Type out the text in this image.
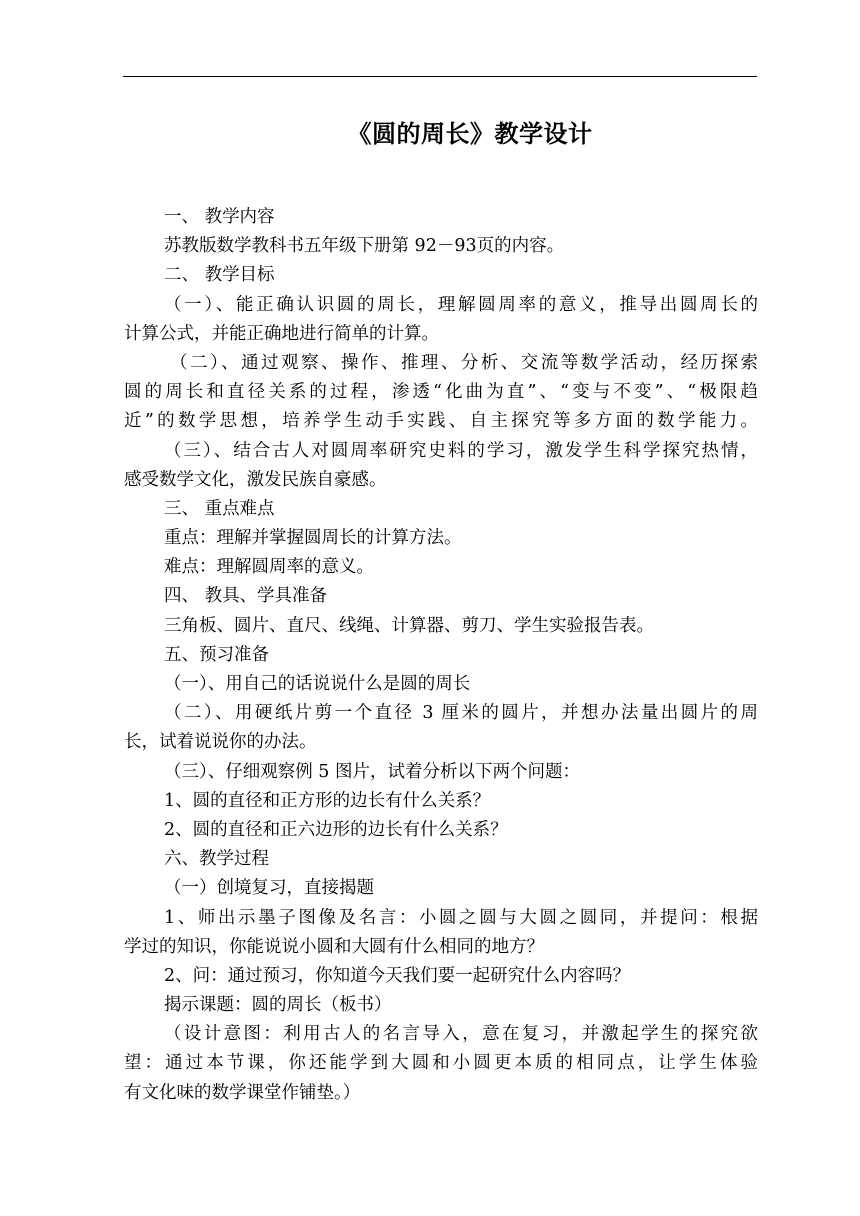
《圆的周长》教学设计
一、 教学内容
苏教版数学教科书五年级下册第 92－93页的内容。
二、 教学目标
（一）、能正确认识圆的周长，理解圆周率的意义，推导出圆周长的
计算公式，并能正确地进行简单的计算。
（二）、通过观察、操作、推理、分析、交流等数学活动，经历探索
圆的周长和直径关系的过程，渗透“化曲为直”、“变与不变”、“极限趋
近”的数学思想，培养学生动手实践、自主探究等多方面的数学能力。
（三）、结合古人对圆周率研究史料的学习，激发学生科学探究热情，
感受数学文化，激发民族自豪感。
三、 重点难点
重点：理解并掌握圆周长的计算方法。
难点：理解圆周率的意义。
四、 教具、学具准备
三角板、圆片、直尺、线绳、计算器、剪刀、学生实验报告表。
五、预习准备
（一）、用自己的话说说什么是圆的周长
（二）、用硬纸片剪一个直径 3 厘米的圆片，并想办法量出圆片的周
长，试着说说你的办法。
（三）、仔细观察例 5 图片，试着分析以下两个问题：
1、圆的直径和正方形的边长有什么关系？
2、圆的直径和正六边形的边长有什么关系？
六、教学过程
（一）创境复习，直接揭题
1、师出示墨子图像及名言：小圆之圆与大圆之圆同，并提问：根据
学过的知识，你能说说小圆和大圆有什么相同的地方？
2、问：通过预习，你知道今天我们要一起研究什么内容吗？
揭示课题：圆的周长（板书）
（设计意图：利用古人的名言导入，意在复习，并激起学生的探究欲
望：通过本节课，你还能学到大圆和小圆更本质的相同点，让学生体验
有文化味的数学课堂作铺垫。）
